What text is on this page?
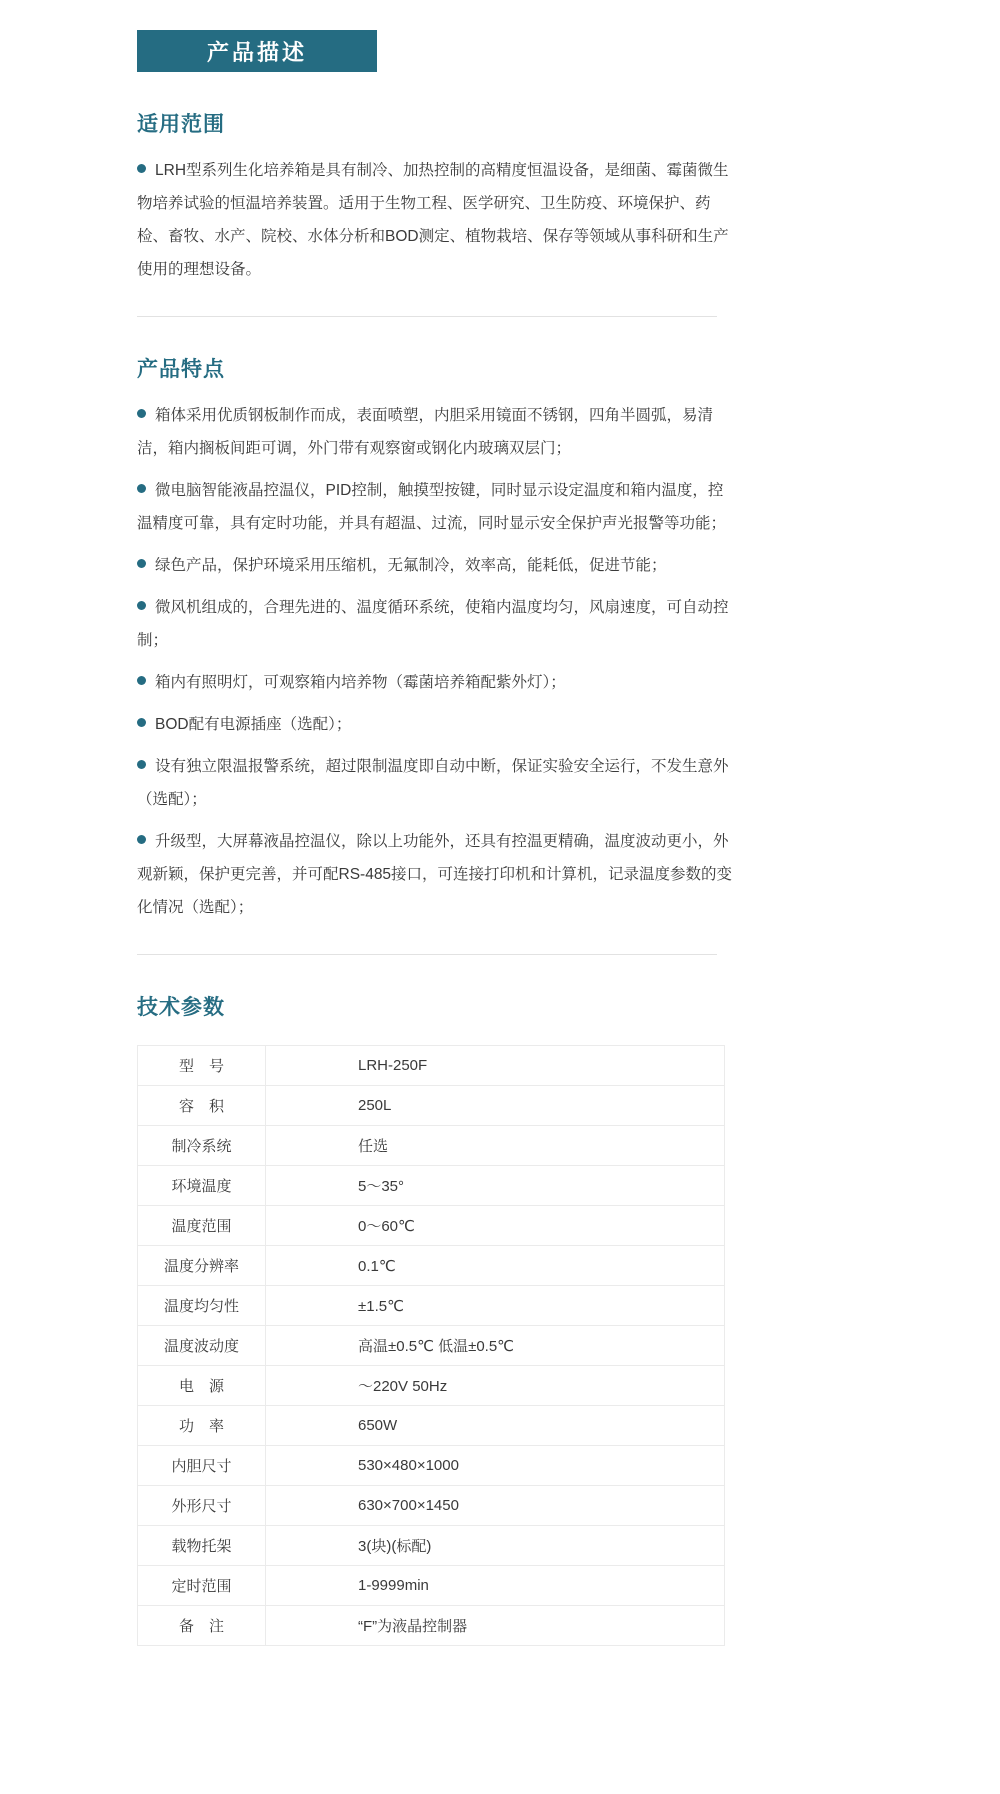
产品描述
适用范围

LRH型系列生化培养箱是具有制冷、加热控制的高精度恒温设备，是细菌、霉菌微生物培养试验的恒温培养装置。适用于生物工程、医学研究、卫生防疫、环境保护、药检、畜牧、水产、院校、水体分析和BOD测定、植物栽培、保存等领域从事科研和生产使用的理想设备。

产品特点

箱体采用优质钢板制作而成，表面喷塑，内胆采用镜面不锈钢，四角半圆弧，易清洁，箱内搁板间距可调，外门带有观察窗或钢化内玻璃双层门；

微电脑智能液晶控温仪，PID控制，触摸型按键，同时显示设定温度和箱内温度，控温精度可靠，具有定时功能，并具有超温、过流，同时显示安全保护声光报警等功能；

绿色产品，保护环境采用压缩机，无氟制冷，效率高，能耗低，促进节能；

微风机组成的，合理先进的、温度循环系统，使箱内温度均匀，风扇速度，可自动控制；

箱内有照明灯，可观察箱内培养物（霉菌培养箱配紫外灯）；

BOD配有电源插座（选配）；

设有独立限温报警系统，超过限制温度即自动中断，保证实验安全运行，不发生意外（选配）；

升级型，大屏幕液晶控温仪，除以上功能外，还具有控温更精确，温度波动更小，外观新颖，保护更完善，并可配RS-485接口，可连接打印机和计算机，记录温度参数的变化情况（选配）；

技术参数
型　号	LRH-250F
容　积	250L
制冷系统	任选
环境温度	5～35°
温度范围	0～60℃
温度分辨率	0.1℃
温度均匀性	±1.5℃
温度波动度	高温±0.5℃ 低温±0.5℃
电　源	～220V 50Hz
功　率	650W
内胆尺寸	530×480×1000
外形尺寸	630×700×1450
载物托架	3(块)(标配)
定时范围	1-9999min
备　注	“F”为液晶控制器
